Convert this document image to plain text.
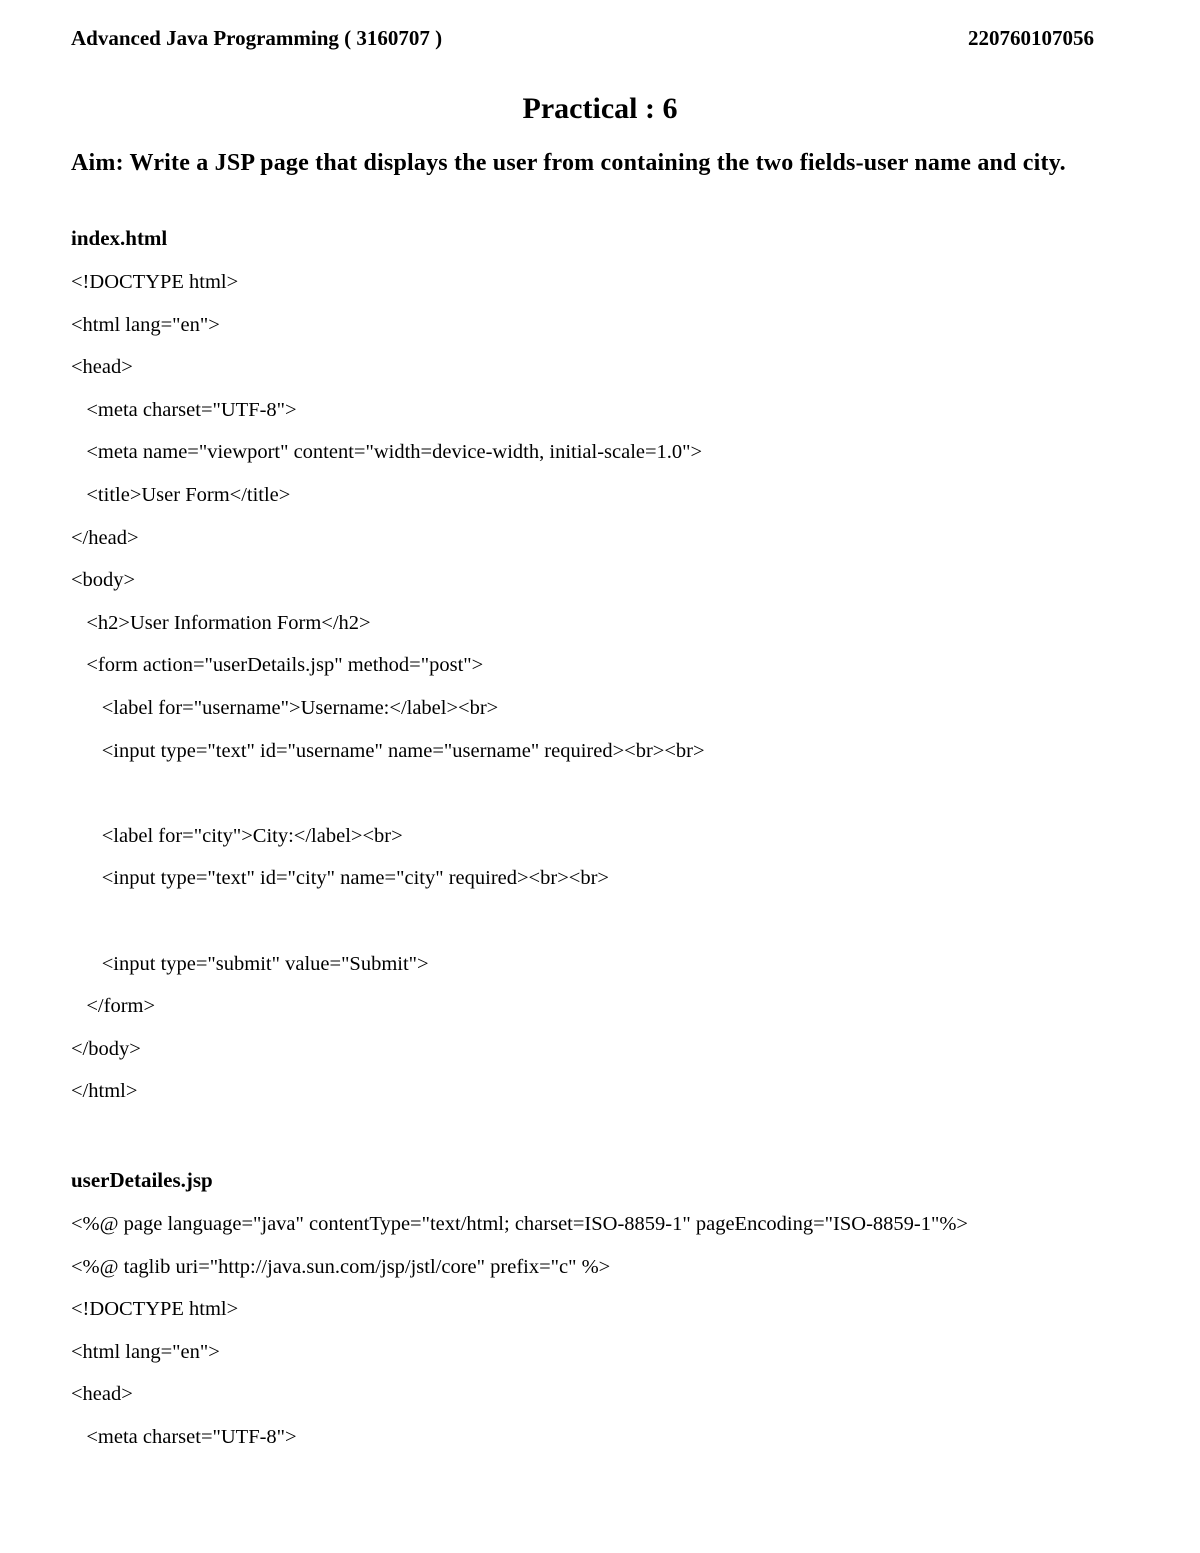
Advanced Java Programming ( 3160707 )	220760107056
Practical : 6
Aim: Write a JSP page that displays the user from containing the two fields-user name and city.
index.html
<!DOCTYPE html>
<html lang="en">
<head>
<meta charset="UTF-8">
<meta name="viewport" content="width=device-width, initial-scale=1.0">
<title>User Form</title>
</head>
<body>
<h2>User Information Form</h2>
<form action="userDetails.jsp" method="post">
<label for="username">Username:</label><br>
<input type="text" id="username" name="username" required><br><br>
<label for="city">City:</label><br>
<input type="text" id="city" name="city" required><br><br>
<input type="submit" value="Submit">
</form>
</body>
</html>
userDetailes.jsp
<%@ page language="java" contentType="text/html; charset=ISO-8859-1" pageEncoding="ISO-8859-1"%>
<%@ taglib uri="http://java.sun.com/jsp/jstl/core" prefix="c" %>
<!DOCTYPE html>
<html lang="en">
<head>
<meta charset="UTF-8">
